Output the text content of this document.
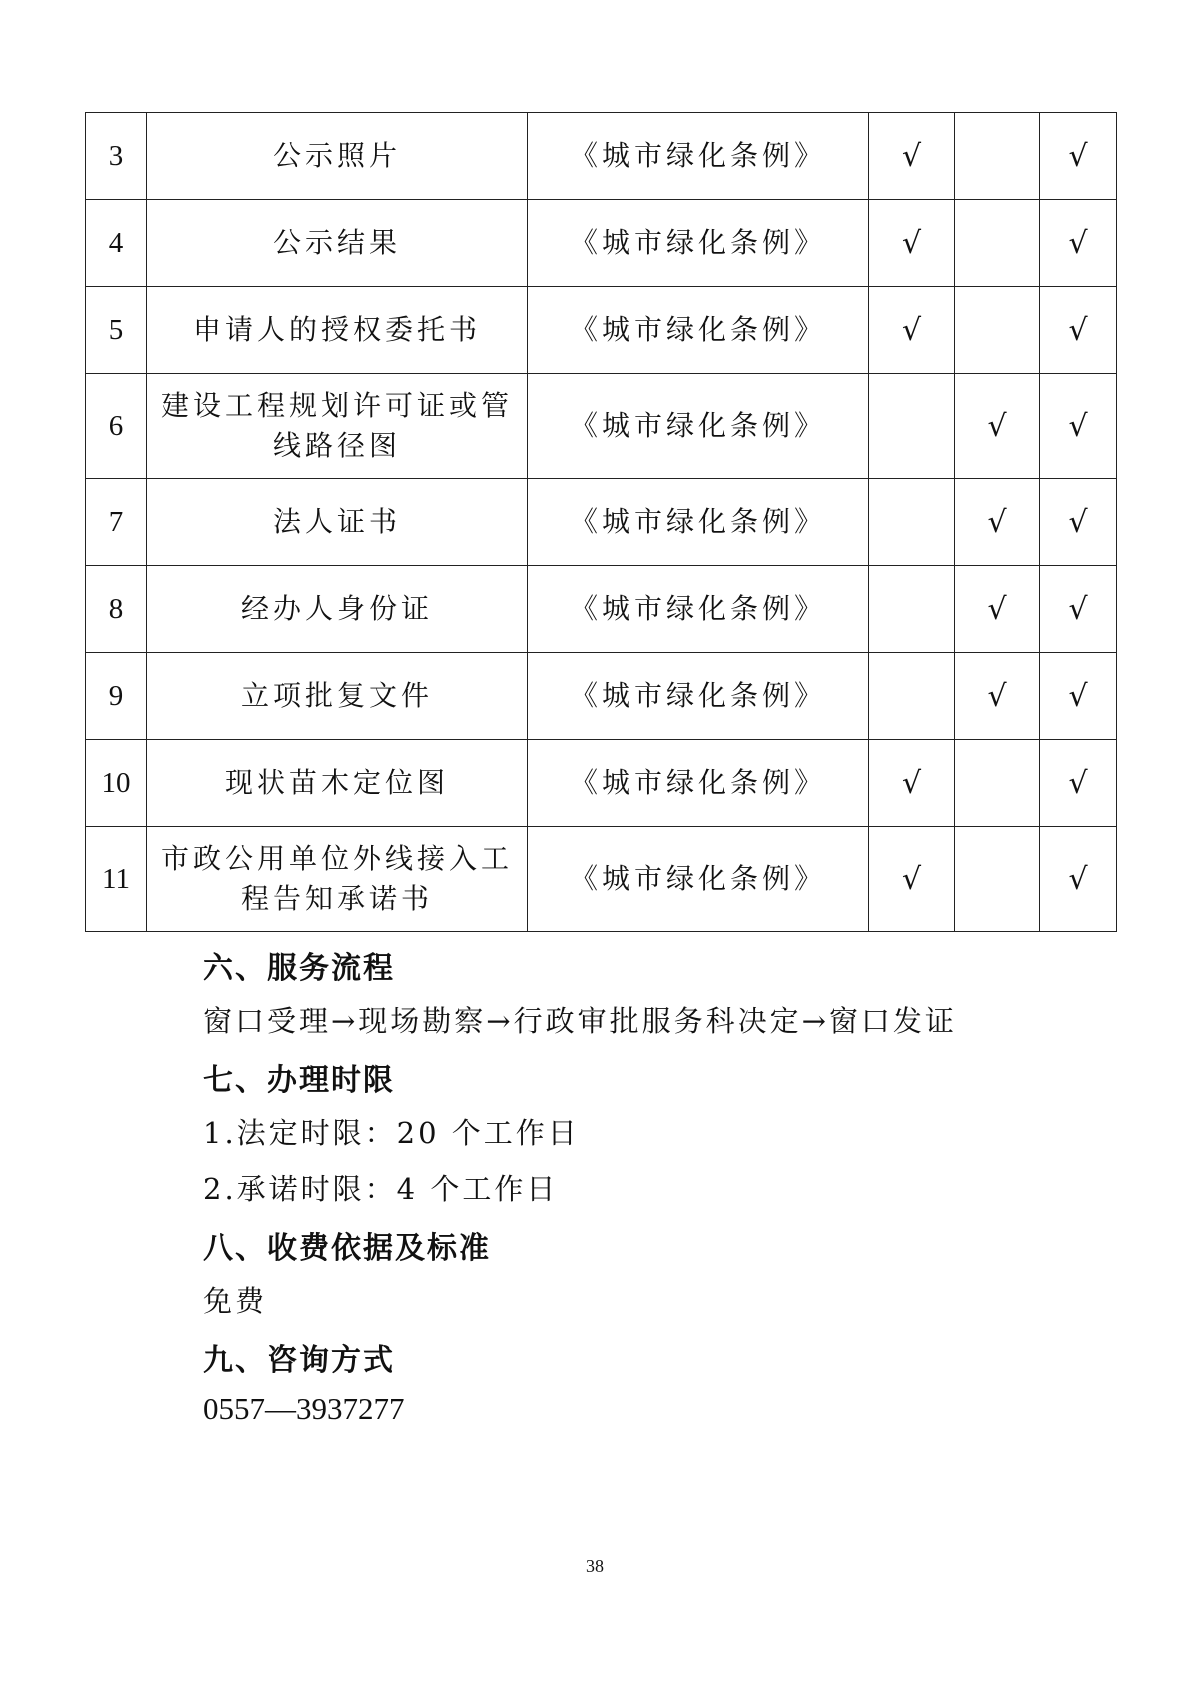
3	公示照片	《城市绿化条例》	√		√
4	公示结果	《城市绿化条例》	√		√
5	申请人的授权委托书	《城市绿化条例》	√		√
6	建设工程规划许可证或管线路径图	《城市绿化条例》		√	√
7	法人证书	《城市绿化条例》		√	√
8	经办人身份证	《城市绿化条例》		√	√
9	立项批复文件	《城市绿化条例》		√	√
10	现状苗木定位图	《城市绿化条例》	√		√
11	市政公用单位外线接入工程告知承诺书	《城市绿化条例》	√		√
六、服务流程
窗口受理→现场勘察→行政审批服务科决定→窗口发证
七、办理时限
1.法定时限：20 个工作日
2.承诺时限：4 个工作日
八、收费依据及标准
免费
九、咨询方式
0557—3937277
38
